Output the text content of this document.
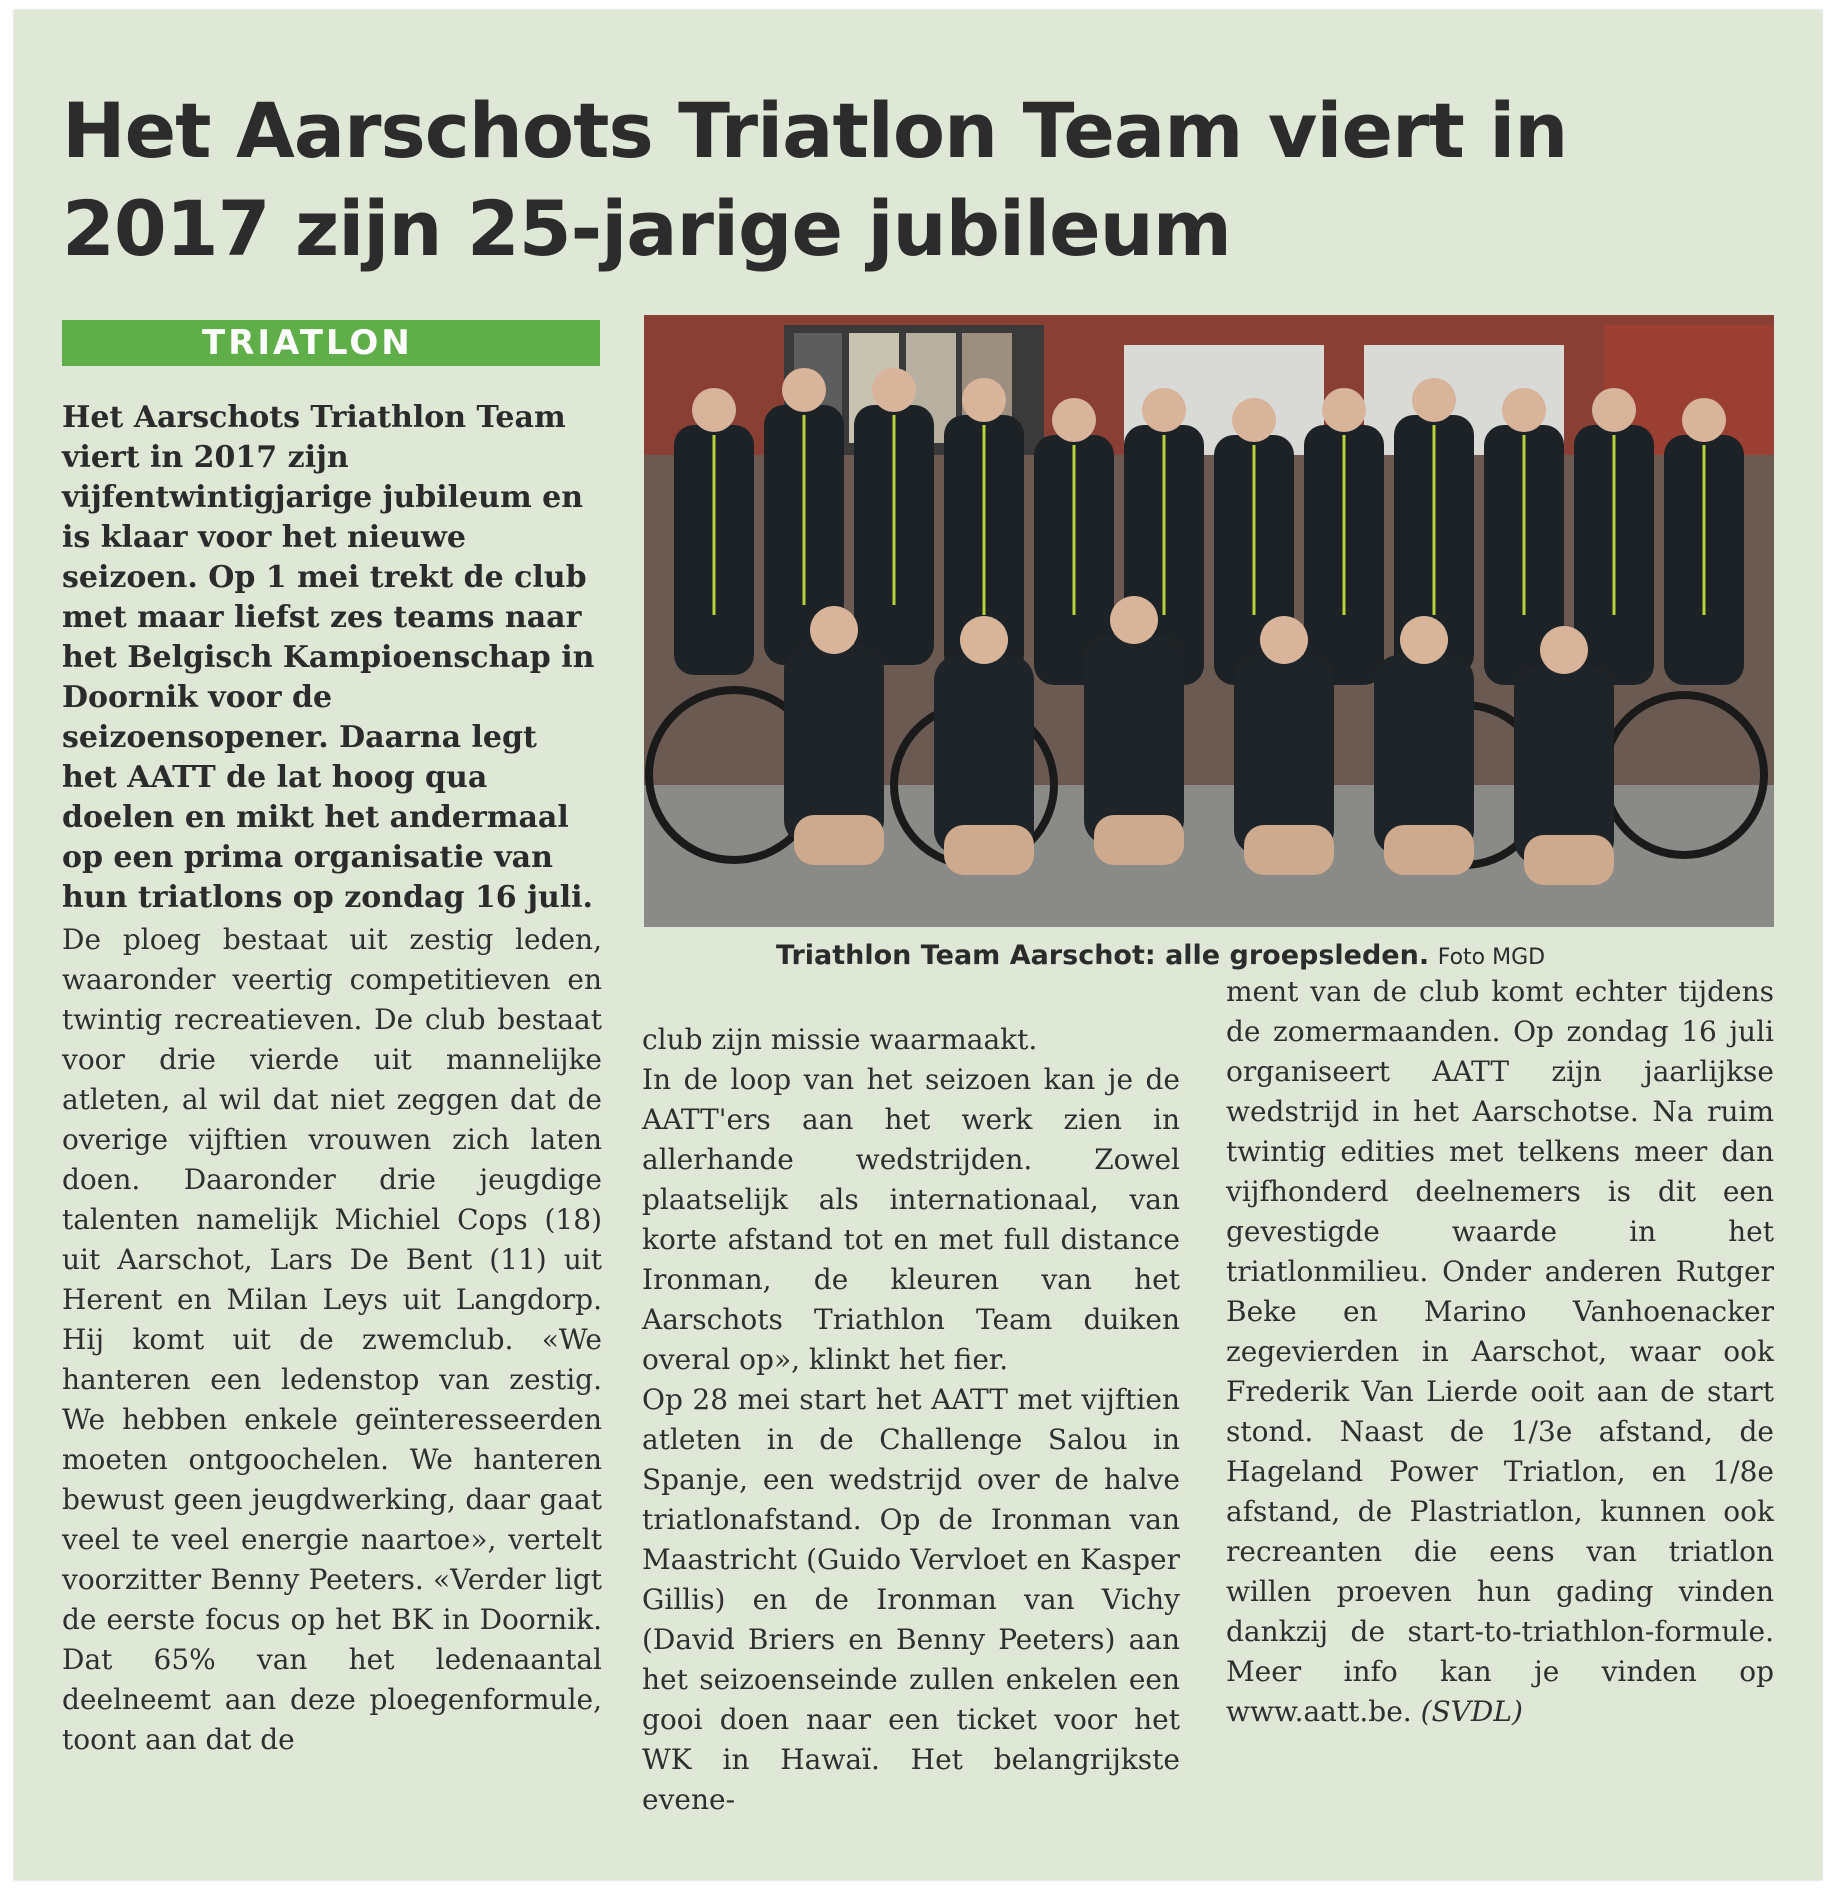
Het Aarschots Triatlon Team viert in 2017 zijn 25-jarige jubileum
TRIATLON

Het Aarschots Triathlon Team viert in 2017 zijn vijfentwintigjarige jubileum en is klaar voor het nieuwe seizoen. Op 1 mei trekt de club met maar liefst zes teams naar het Belgisch Kampioenschap in Doornik voor de seizoensopener. Daarna legt het AATT de lat hoog qua doelen en mikt het andermaal op een prima organisatie van hun triatlons op zondag 16 juli.

Triathlon Team Aarschot: alle groepsleden. Foto MGD

De ploeg bestaat uit zestig leden, waaronder veertig competitieven en twintig recreatieven. De club bestaat voor drie vierde uit mannelijke atleten, al wil dat niet zeggen dat de overige vijftien vrouwen zich laten doen. Daaronder drie jeugdige talenten namelijk Michiel Cops (18) uit Aarschot, Lars De Bent (11) uit Herent en Milan Leys uit Langdorp. Hij komt uit de zwemclub. «We hanteren een ledenstop van zestig. We hebben enkele geïnteresseerden moeten ontgoochelen. We hanteren bewust geen jeugdwerking, daar gaat veel te veel energie naartoe», vertelt voorzitter Benny Peeters. «Verder ligt de eerste focus op het BK in Doornik. Dat 65% van het ledenaantal deelneemt aan deze ploegenformule, toont aan dat de

club zijn missie waarmaakt.

In de loop van het seizoen kan je de AATT'ers aan het werk zien in allerhande wedstrijden. Zowel plaatselijk als internationaal, van korte afstand tot en met full distance Ironman, de kleuren van het Aarschots Triathlon Team duiken overal op», klinkt het fier.

Op 28 mei start het AATT met vijftien atleten in de Challenge Salou in Spanje, een wedstrijd over de halve triatlonafstand. Op de Ironman van Maastricht (Guido Vervloet en Kasper Gillis) en de Ironman van Vichy (David Briers en Benny Peeters) aan het seizoenseinde zullen enkelen een gooi doen naar een ticket voor het WK in Hawaï. Het belangrijkste evene-

ment van de club komt echter tijdens de zomermaanden. Op zondag 16 juli organiseert AATT zijn jaarlijkse wedstrijd in het Aarschotse. Na ruim twintig edities met telkens meer dan vijfhonderd deelnemers is dit een gevestigde waarde in het triatlonmilieu. Onder anderen Rutger Beke en Marino Vanhoenacker zegevierden in Aarschot, waar ook Frederik Van Lierde ooit aan de start stond. Naast de 1/3e afstand, de Hageland Power Triatlon, en 1/8e afstand, de Plastriatlon, kunnen ook recreanten die eens van triatlon willen proeven hun gading vinden dankzij de start-to-triathlon-formule. Meer info kan je vinden op www.aatt.be. (SVDL)
